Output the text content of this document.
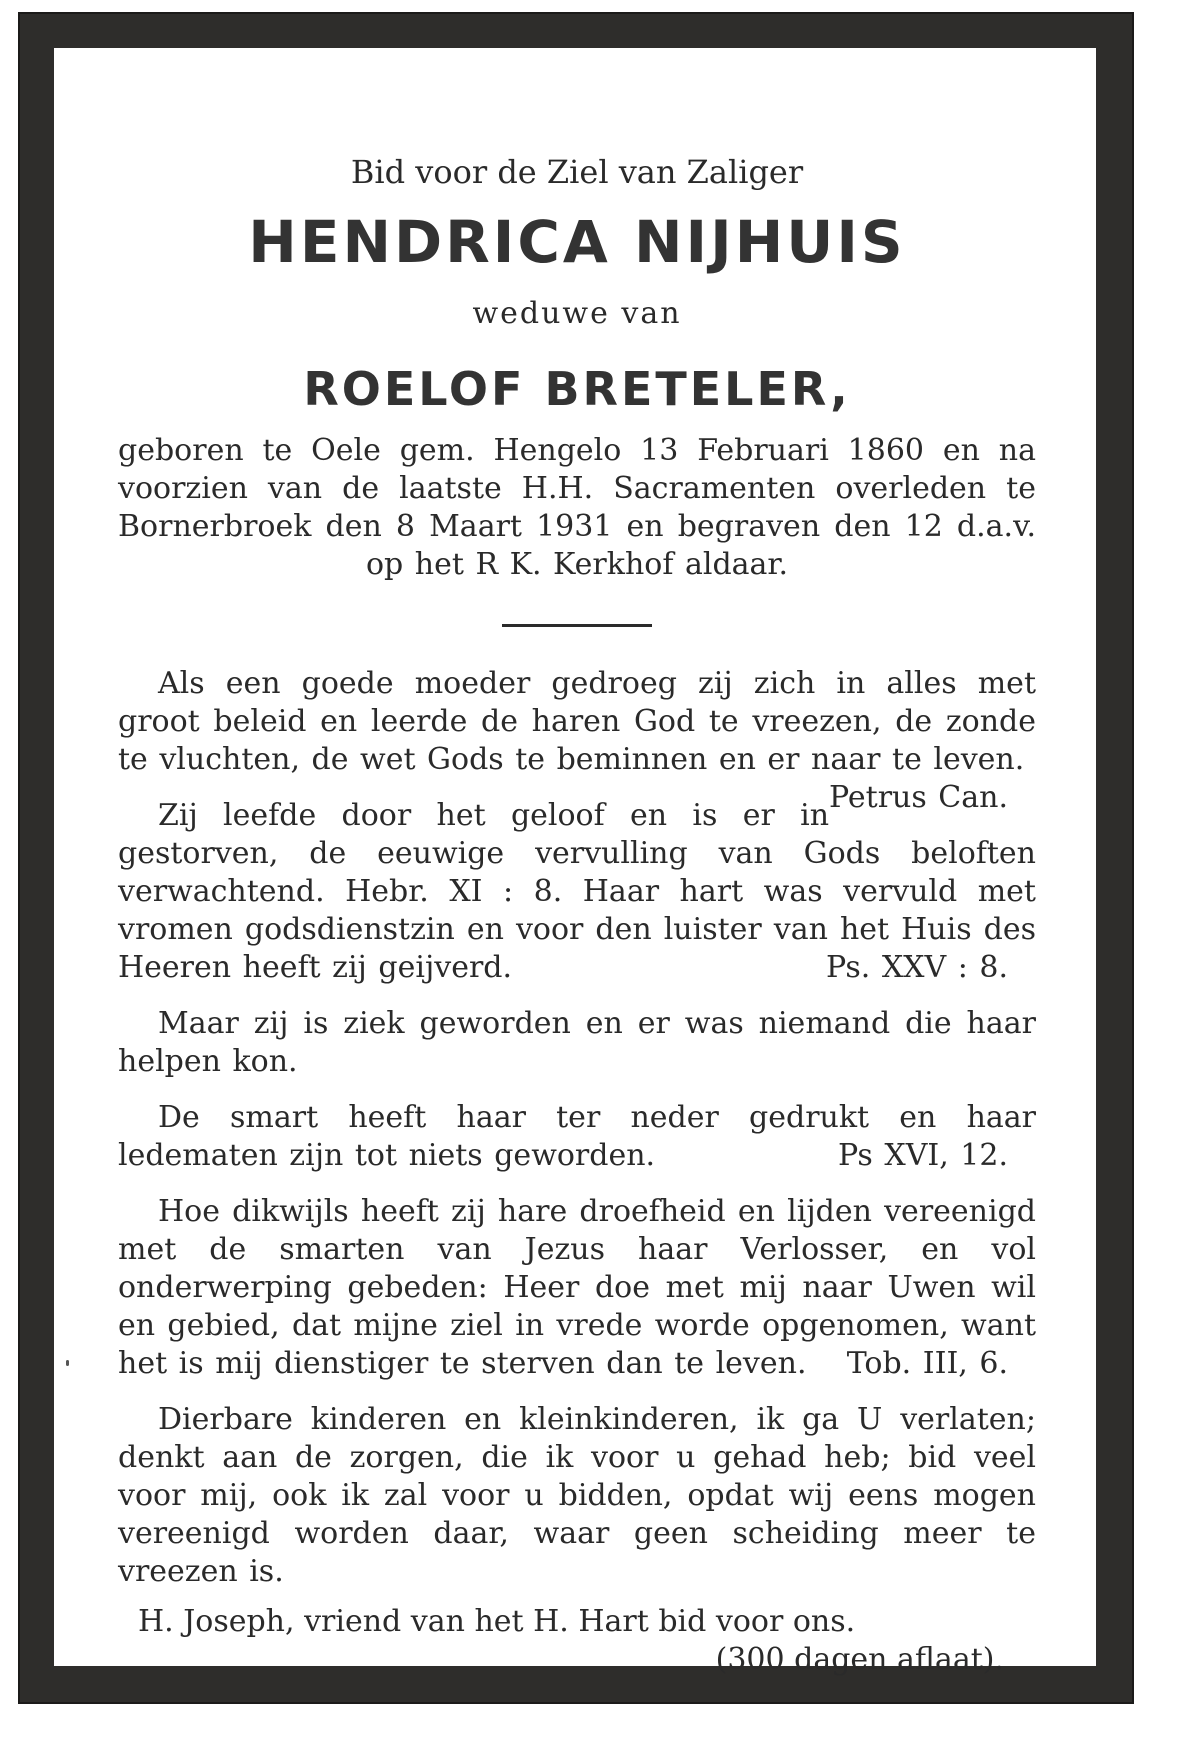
Bid voor de Ziel van Zaliger

HENDRICA NIJHUIS

weduwe van

ROELOF BRETELER,

geboren te Oele gem. Hengelo 13 Februari 1860 en na voorzien van de laatste H.H. Sacramenten overleden te Bornerbroek den 8 Maart 1931 en begraven den 12 d.a.v. op het R K. Kerkhof aldaar.

Als een goede moeder gedroeg zij zich in alles met groot beleid en leerde de haren God te vreezen, de zonde te vluchten, de wet Gods te beminnen en er naar te leven.
Petrus Can.

Zij leefde door het geloof en is er in gestorven, de eeuwige vervulling van Gods beloften verwachtend. Hebr. XI : 8. Haar hart was vervuld met vromen godsdienstzin en voor den luister van het Huis des Heeren heeft zij geijverd.	Ps. XXV : 8.

Maar zij is ziek geworden en er was niemand die haar helpen kon.

De smart heeft haar ter neder gedrukt en haar ledematen zijn tot niets geworden.	Ps XVI, 12.

Hoe dikwijls heeft zij hare droefheid en lijden vereenigd met de smarten van Jezus haar Verlosser, en vol onderwerping gebeden: Heer doe met mij naar Uwen wil en gebied, dat mijne ziel in vrede worde opgenomen, want het is mij dienstiger te sterven dan te leven. Tob. III, 6.

Dierbare kinderen en kleinkinderen, ik ga U verlaten; denkt aan de zorgen, die ik voor u gehad heb; bid veel voor mij, ook ik zal voor u bidden, opdat wij eens mogen vereenigd worden daar, waar geen scheiding meer te vreezen is.

H. Joseph, vriend van het H. Hart bid voor ons.

(300 dagen aflaat).
